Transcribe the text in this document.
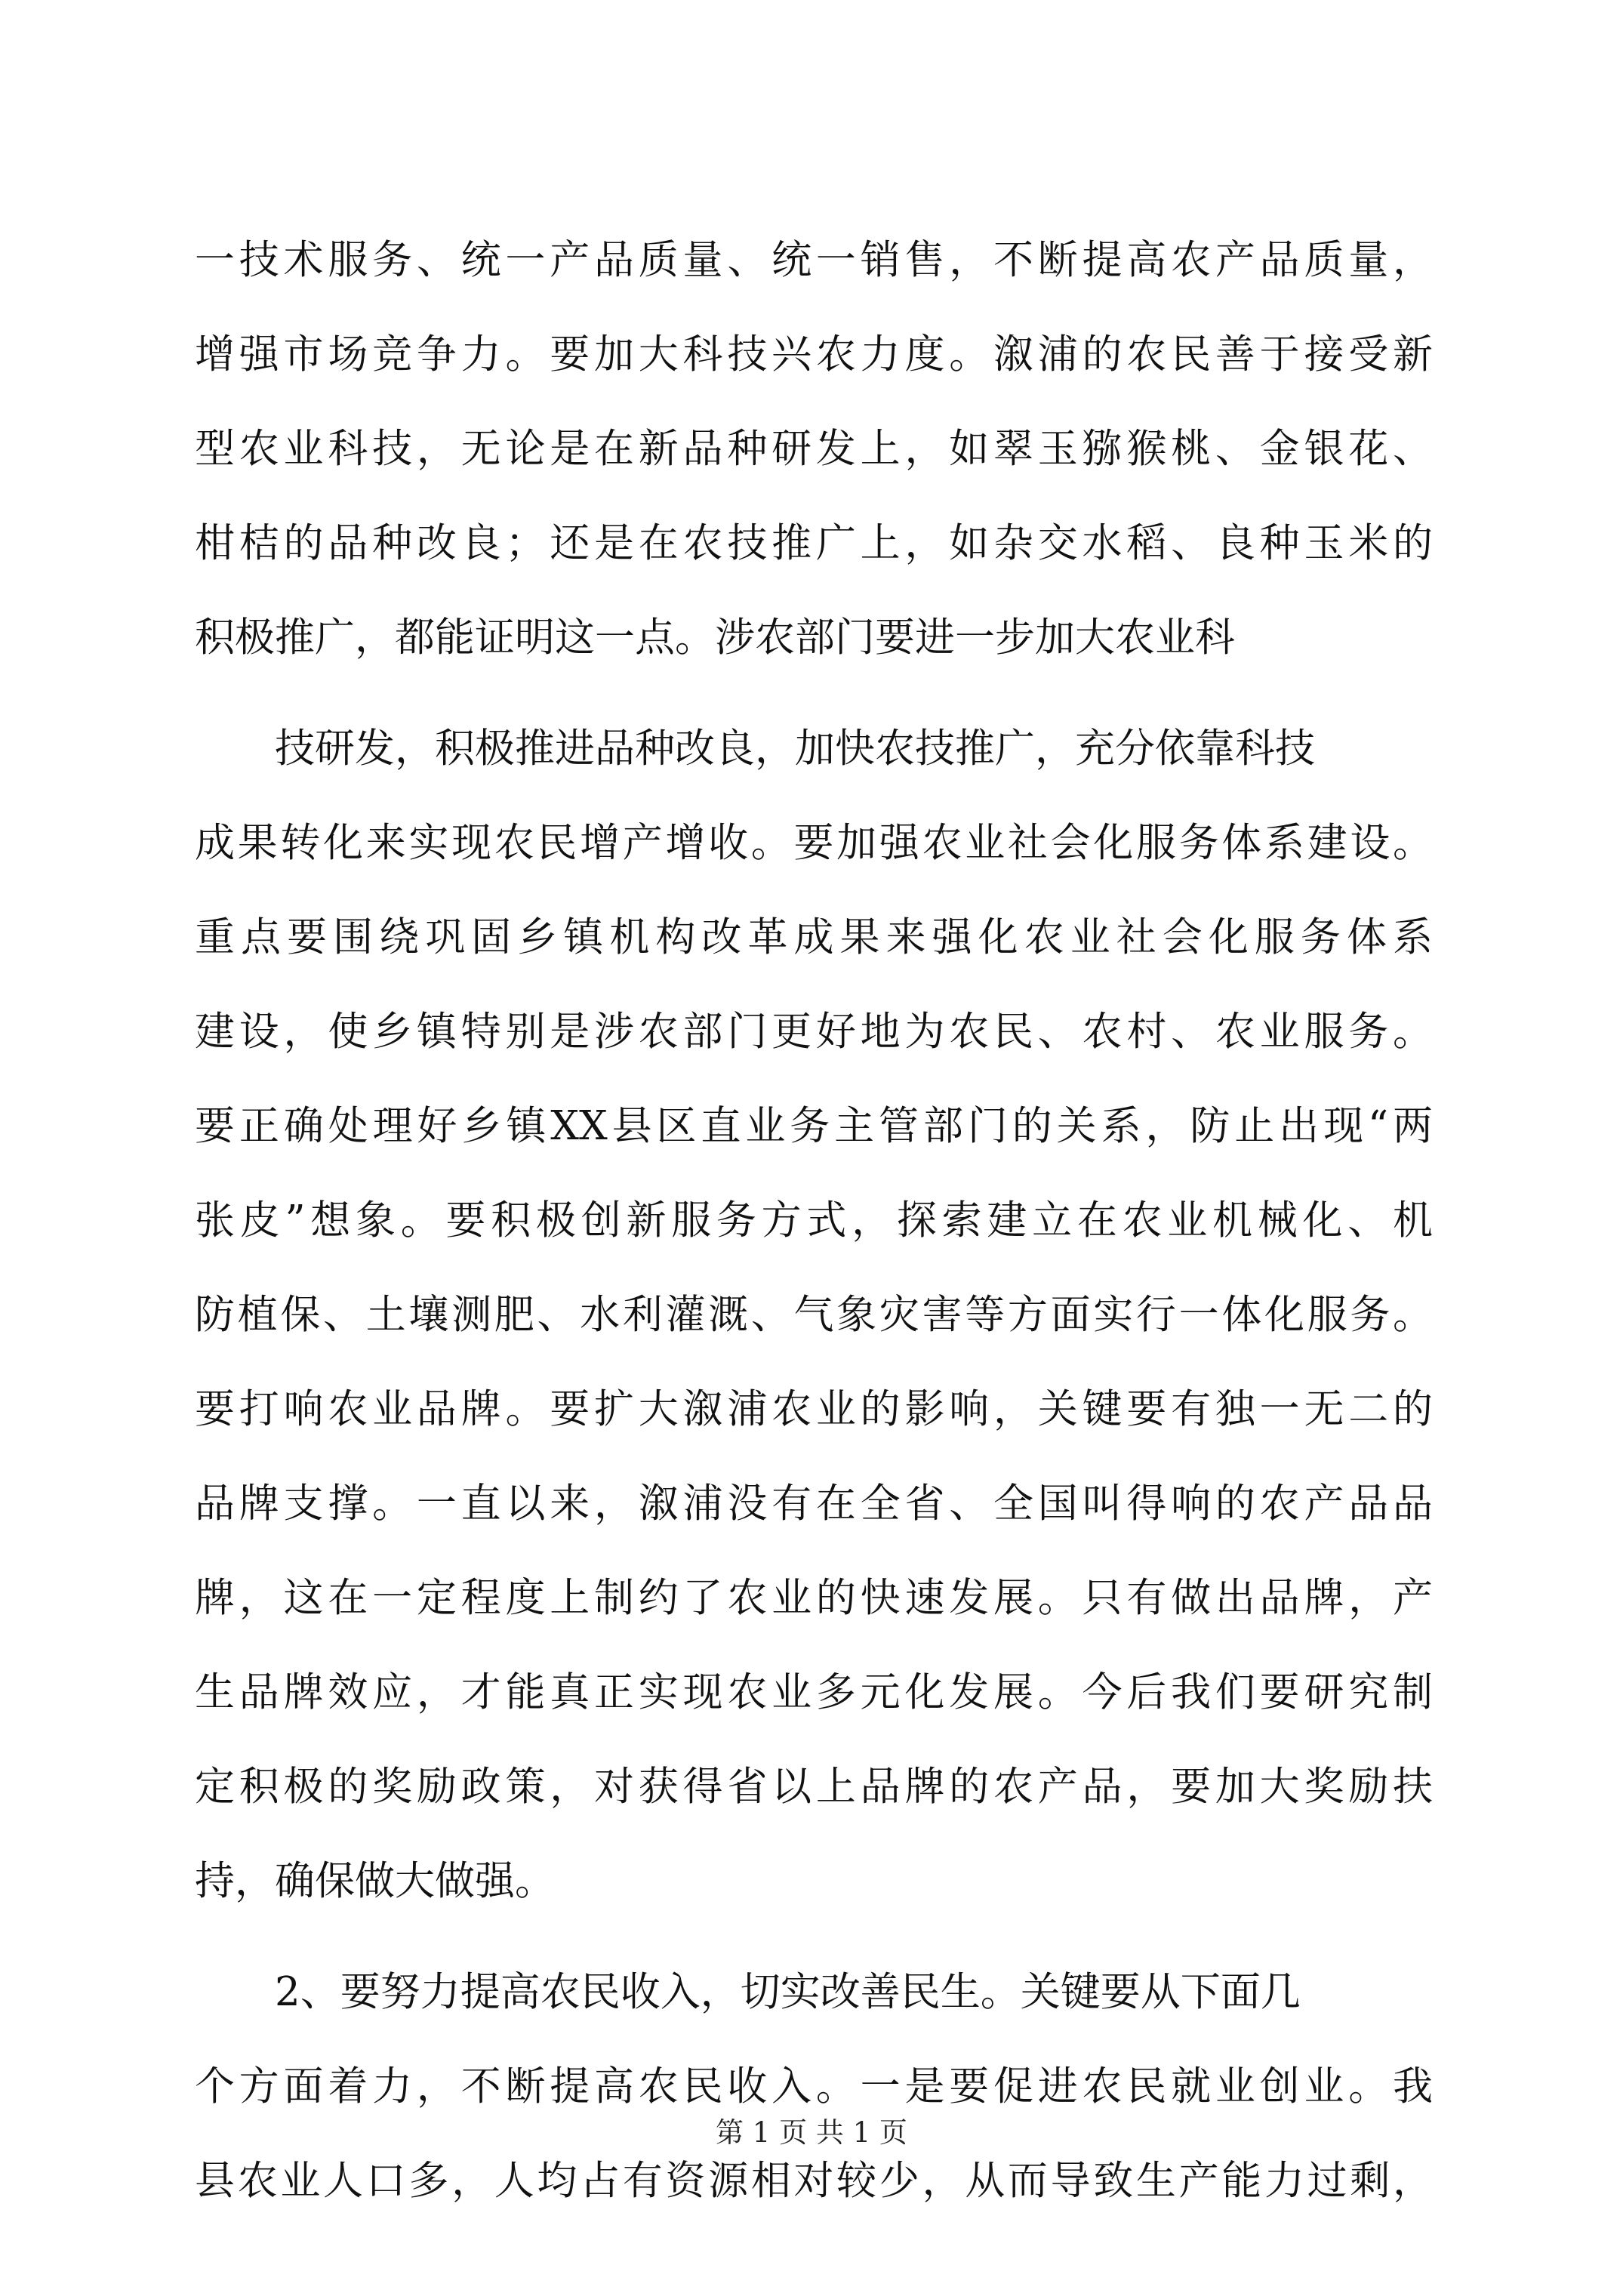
一技术服务、统一产品质量、统一销售，不断提高农产品质量，
增强市场竞争力。要加大科技兴农力度。溆浦的农民善于接受新
型农业科技，无论是在新品种研发上，如翠玉猕猴桃、金银花、
柑桔的品种改良；还是在农技推广上，如杂交水稻、良种玉米的
积极推广，都能证明这一点。涉农部门要进一步加大农业科
技研发，积极推进品种改良，加快农技推广，充分依靠科技
成果转化来实现农民增产增收。要加强农业社会化服务体系建设。
重点要围绕巩固乡镇机构改革成果来强化农业社会化服务体系
建设，使乡镇特别是涉农部门更好地为农民、农村、农业服务。
要正确处理好乡镇XX县区直业务主管部门的关系，防止出现“两
张皮”想象。要积极创新服务方式，探索建立在农业机械化、机
防植保、土壤测肥、水利灌溉、气象灾害等方面实行一体化服务。
要打响农业品牌。要扩大溆浦农业的影响，关键要有独一无二的
品牌支撑。一直以来，溆浦没有在全省、全国叫得响的农产品品
牌，这在一定程度上制约了农业的快速发展。只有做出品牌，产
生品牌效应，才能真正实现农业多元化发展。今后我们要研究制
定积极的奖励政策，对获得省以上品牌的农产品，要加大奖励扶
持，确保做大做强。
2、要努力提高农民收入，切实改善民生。关键要从下面几
个方面着力，不断提高农民收入。一是要促进农民就业创业。我
县农业人口多，人均占有资源相对较少，从而导致生产能力过剩，
第 1 页 共 1 页
